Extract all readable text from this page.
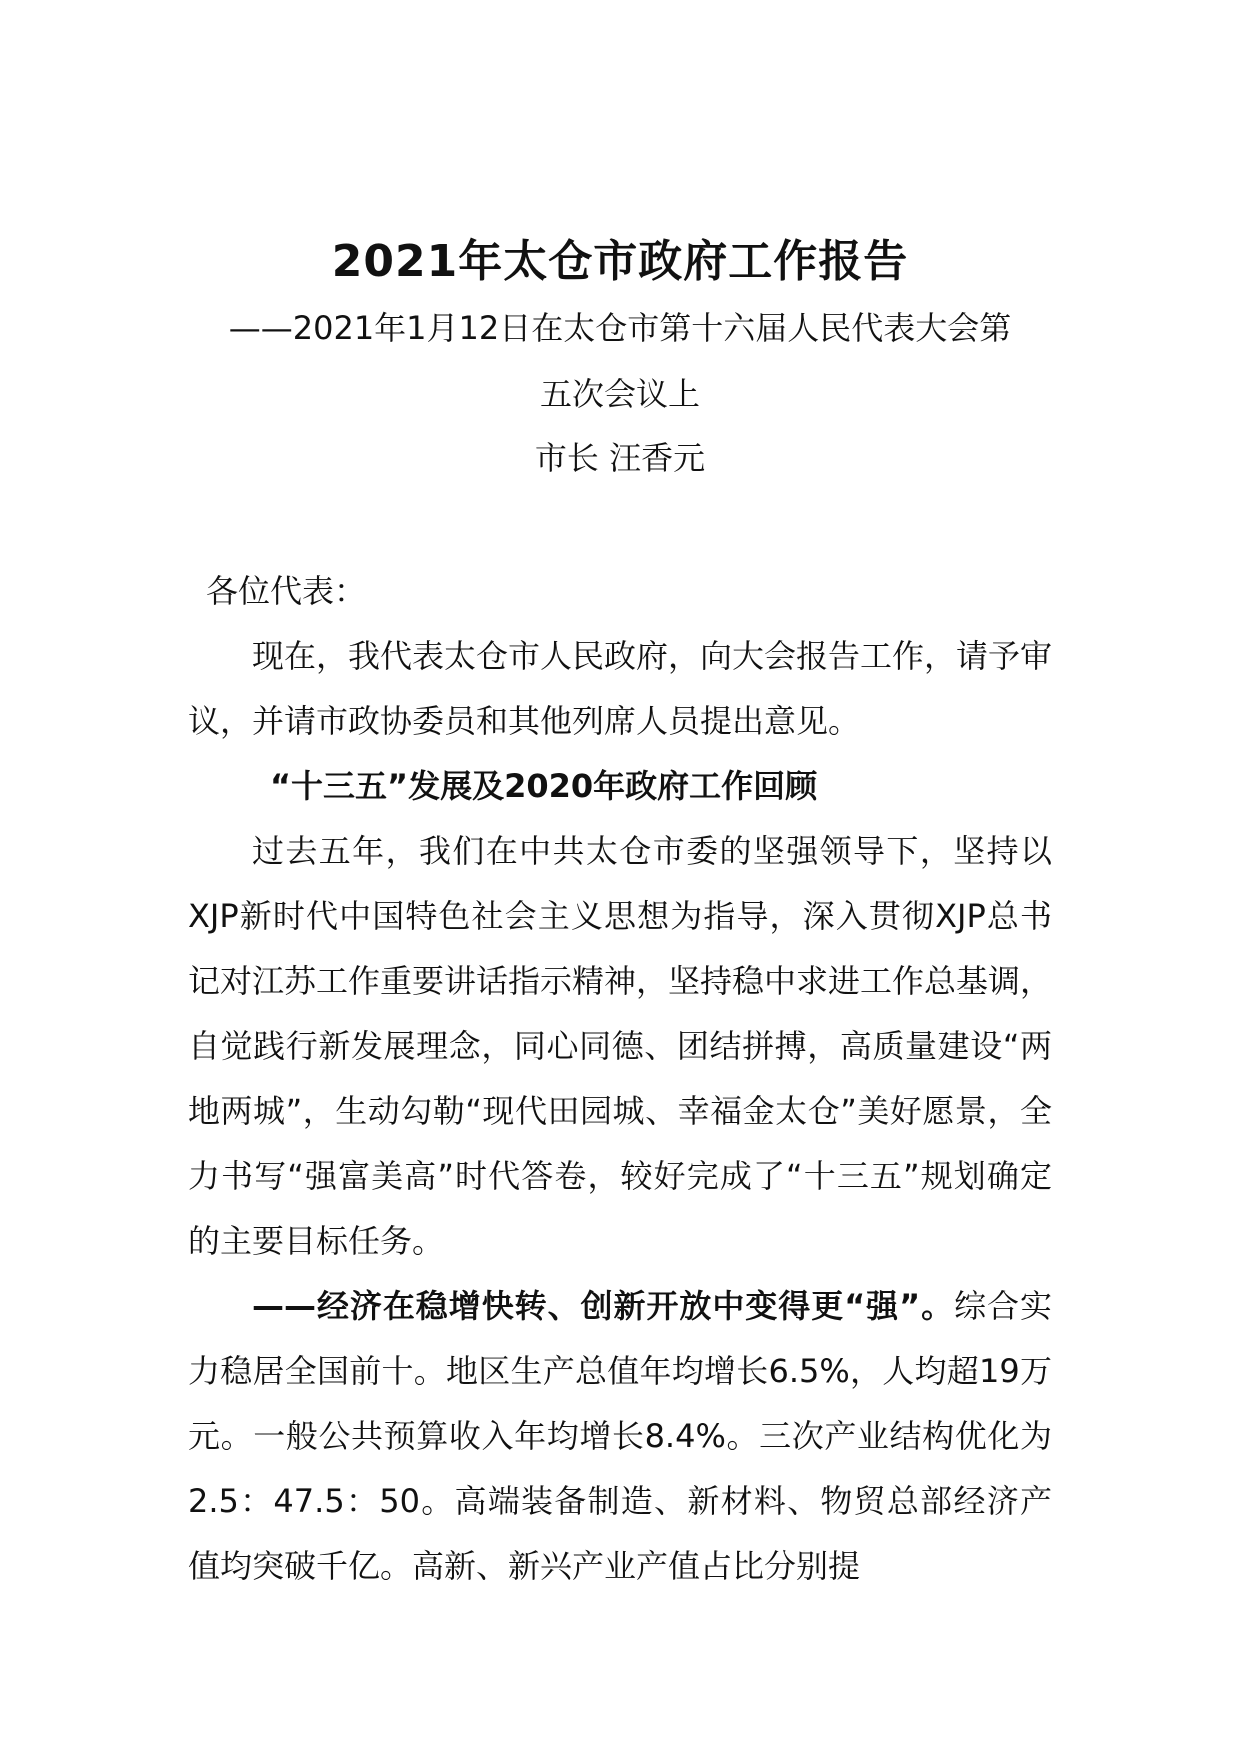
2021年太仓市政府工作报告
——2021年1月12日在太仓市第十六届人民代表大会第
五次会议上
市长 汪香元

各位代表：

现在，我代表太仓市人民政府，向大会报告工作，请予审议，并请市政协委员和其他列席人员提出意见。

“十三五”发展及2020年政府工作回顾

过去五年，我们在中共太仓市委的坚强领导下，坚持以XJP新时代中国特色社会主义思想为指导，深入贯彻XJP总书记对江苏工作重要讲话指示精神，坚持稳中求进工作总基调，自觉践行新发展理念，同心同德、团结拼搏，高质量建设“两地两城”，生动勾勒“现代田园城、幸福金太仓”美好愿景，全力书写“强富美高”时代答卷，较好完成了“十三五”规划确定的主要目标任务。

——经济在稳增快转、创新开放中变得更“强”。综合实力稳居全国前十。地区生产总值年均增长6.5%，人均超19万元。一般公共预算收入年均增长8.4%。三次产业结构优化为2.5：47.5：50。高端装备制造、新材料、物贸总部经济产值均突破千亿。高新、新兴产业产值占比分别提
